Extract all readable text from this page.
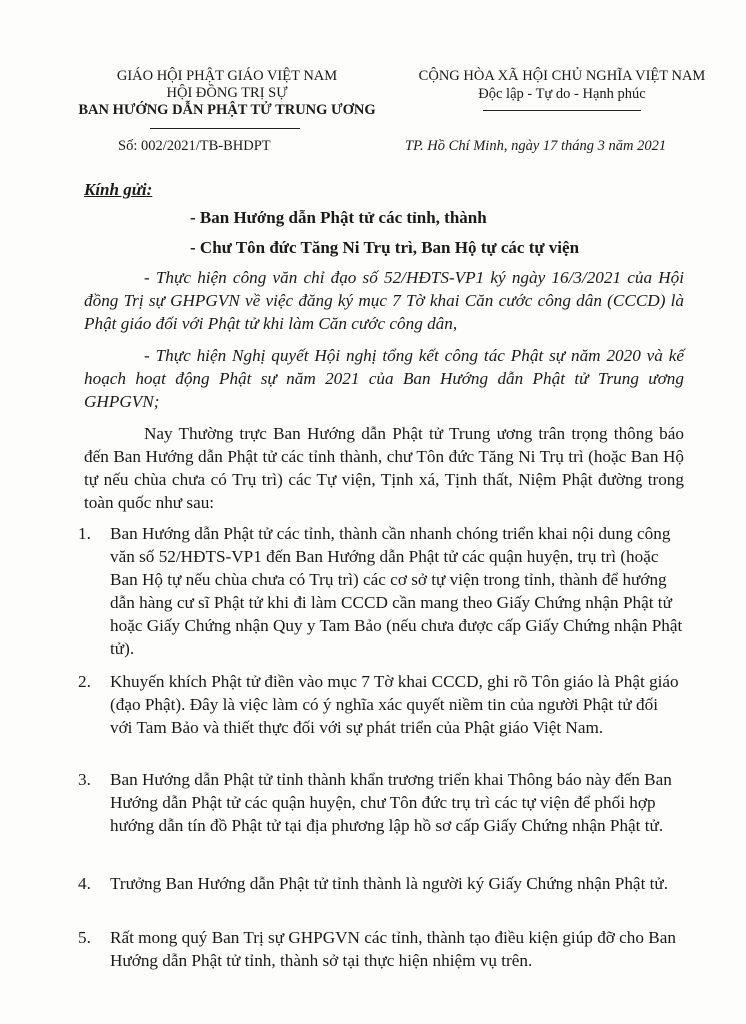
GIÁO HỘI PHẬT GIÁO VIỆT NAM
HỘI ĐỒNG TRỊ SỰ
BAN HƯỚNG DẪN PHẬT TỬ TRUNG ƯƠNG
Số: 002/2021/TB-BHDPT
CỘNG HÒA XÃ HỘI CHỦ NGHĨA VIỆT NAM
Độc lập - Tự do - Hạnh phúc
TP. Hồ Chí Minh, ngày 17 tháng 3 năm 2021
Kính gửi:
- Ban Hướng dẫn Phật tử các tỉnh, thành
- Chư Tôn đức Tăng Ni Trụ trì, Ban Hộ tự các tự viện
- Thực hiện công văn chỉ đạo số 52/HĐTS-VP1 ký ngày 16/3/2021 của Hội đồng Trị sự GHPGVN về việc đăng ký mục 7 Tờ khai Căn cước công dân (CCCD) là Phật giáo đối với Phật tử khi làm Căn cước công dân,
- Thực hiện Nghị quyết Hội nghị tổng kết công tác Phật sự năm 2020 và kế hoạch hoạt động Phật sự năm 2021 của Ban Hướng dẫn Phật tử Trung ương GHPGVN;
Nay Thường trực Ban Hướng dẫn Phật tử Trung ương trân trọng thông báo đến Ban Hướng dẫn Phật tử các tỉnh thành, chư Tôn đức Tăng Ni Trụ trì (hoặc Ban Hộ tự nếu chùa chưa có Trụ trì) các Tự viện, Tịnh xá, Tịnh thất, Niệm Phật đường trong toàn quốc như sau:
1. Ban Hướng dẫn Phật tử các tỉnh, thành cần nhanh chóng triển khai nội dung công văn số 52/HĐTS-VP1 đến Ban Hướng dẫn Phật tử các quận huyện, trụ trì (hoặc Ban Hộ tự nếu chùa chưa có Trụ trì) các cơ sở tự viện trong tỉnh, thành để hướng dẫn hàng cư sĩ Phật tử khi đi làm CCCD cần mang theo Giấy Chứng nhận Phật tử hoặc Giấy Chứng nhận Quy y Tam Bảo (nếu chưa được cấp Giấy Chứng nhận Phật tử).
2. Khuyến khích Phật tử điền vào mục 7 Tờ khai CCCD, ghi rõ Tôn giáo là Phật giáo (đạo Phật). Đây là việc làm có ý nghĩa xác quyết niềm tin của người Phật tử đối với Tam Bảo và thiết thực đối với sự phát triển của Phật giáo Việt Nam.
3. Ban Hướng dẫn Phật tử tỉnh thành khẩn trương triển khai Thông báo này đến Ban Hướng dẫn Phật tử các quận huyện, chư Tôn đức trụ trì các tự viện để phối hợp hướng dẫn tín đồ Phật tử tại địa phương lập hồ sơ cấp Giấy Chứng nhận Phật tử.
4. Trưởng Ban Hướng dẫn Phật tử tỉnh thành là người ký Giấy Chứng nhận Phật tử.
5. Rất mong quý Ban Trị sự GHPGVN các tỉnh, thành tạo điều kiện giúp đỡ cho Ban Hướng dẫn Phật tử tỉnh, thành sở tại thực hiện nhiệm vụ trên.
